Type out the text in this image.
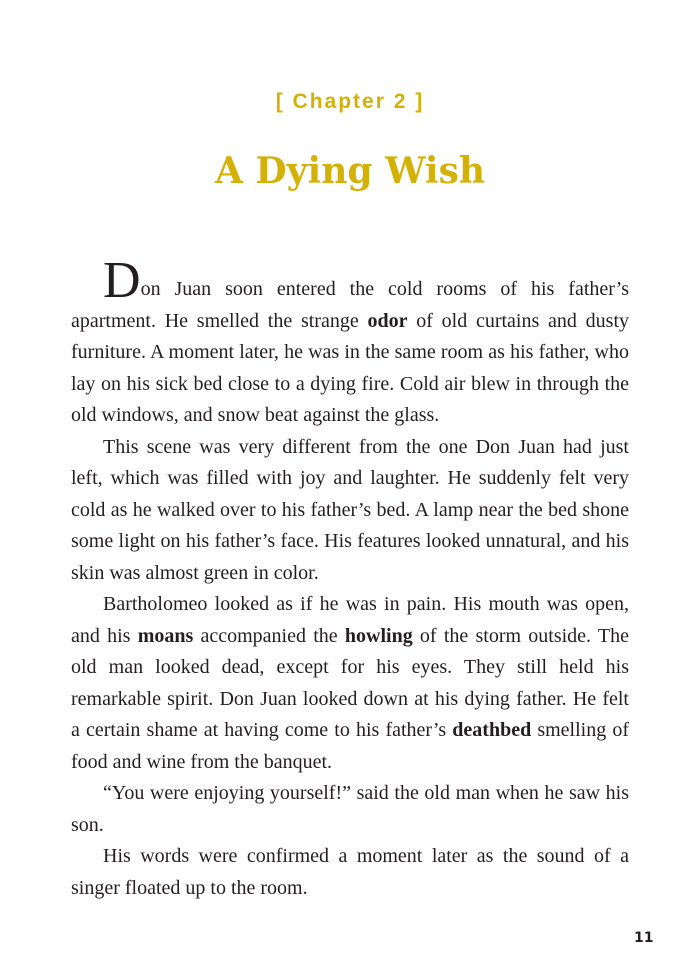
[ Chapter 2 ]
A Dying Wish

Don Juan soon entered the cold rooms of his father’s apartment. He smelled the strange odor of old curtains and dusty furniture. A moment later, he was in the same room as his father, who lay on his sick bed close to a dying fire. Cold air blew in through the old windows, and snow beat against the glass.

This scene was very different from the one Don Juan had just left, which was filled with joy and laughter. He suddenly felt very cold as he walked over to his father’s bed. A lamp near the bed shone some light on his father’s face. His features looked unnatural, and his skin was almost green in color.

Bartholomeo looked as if he was in pain. His mouth was open, and his moans accompanied the howling of the storm outside. The old man looked dead, except for his eyes. They still held his remarkable spirit. Don Juan looked down at his dying father. He felt a certain shame at having come to his father’s deathbed smelling of food and wine from the banquet.

“You were enjoying yourself!” said the old man when he saw his son.

His words were confirmed a moment later as the sound of a singer floated up to the room.

11
